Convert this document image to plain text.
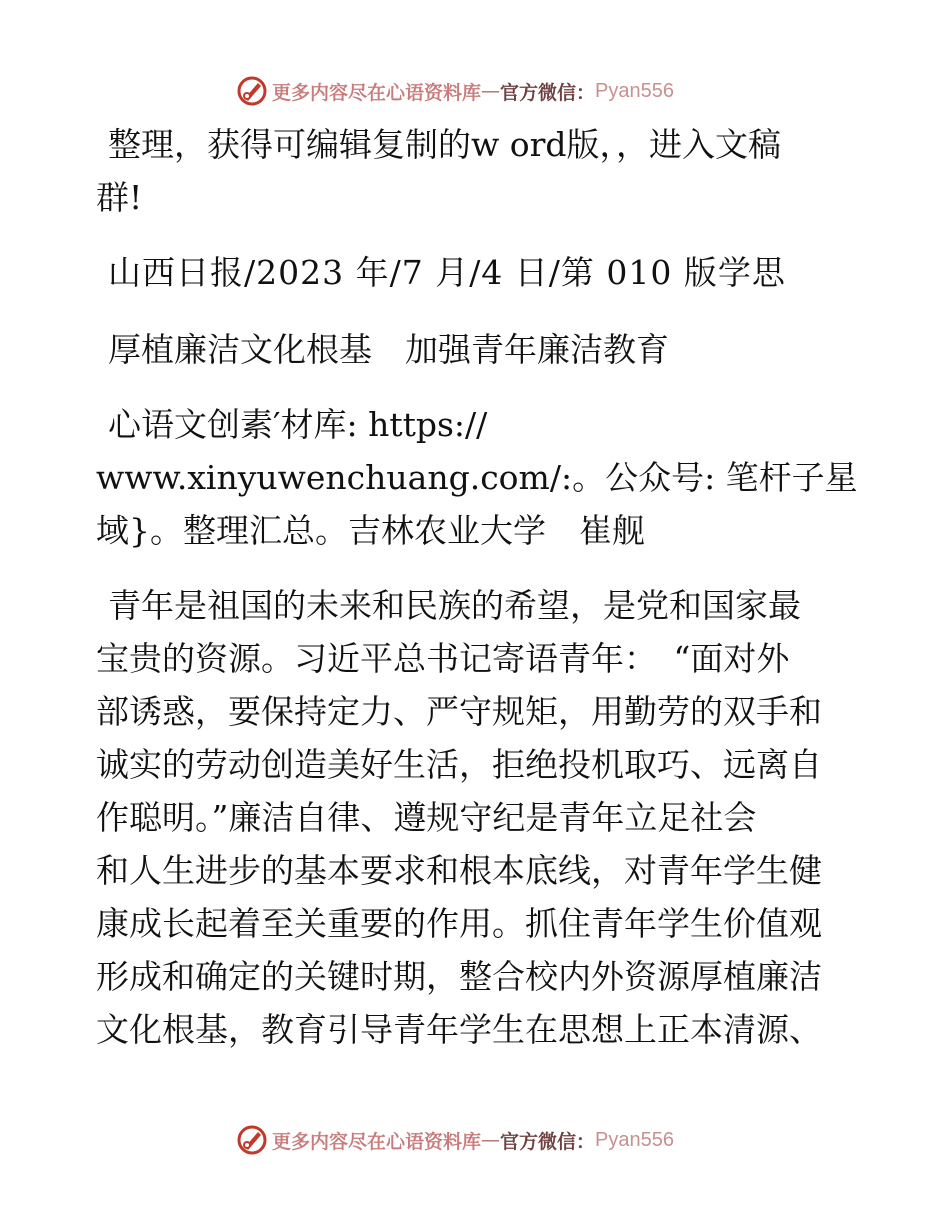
更多内容尽在心语资料库 — 官方微信： Pyan556

整理，获得可编辑复制的w ord版，，进入文稿
群!

山西日报/2023 年/7 月/4 日/第 010 版学思

厚植廉洁文化根基　加强青年廉洁教育

心语文创素′材库: https://
www.xinyuwenchuang.com/:。公众号: 笔杆子星
域}。整理汇总。吉林农业大学　崔舰

青年是祖国的未来和民族的希望，是党和国家最
宝贵的资源。习近平总书记寄语青年：　“面对外
部诱惑，要保持定力、严守规矩，用勤劳的双手和
诚实的劳动创造美好生活，拒绝投机取巧、远离自
作聪明。”廉洁自律、遵规守纪是青年立足社会
和人生进步的基本要求和根本底线，对青年学生健
康成长起着至关重要的作用。抓住青年学生价值观
形成和确定的关键时期，整合校内外资源厚植廉洁
文化根基，教育引导青年学生在思想上正本清源、

更多内容尽在心语资料库 — 官方微信： Pyan556
